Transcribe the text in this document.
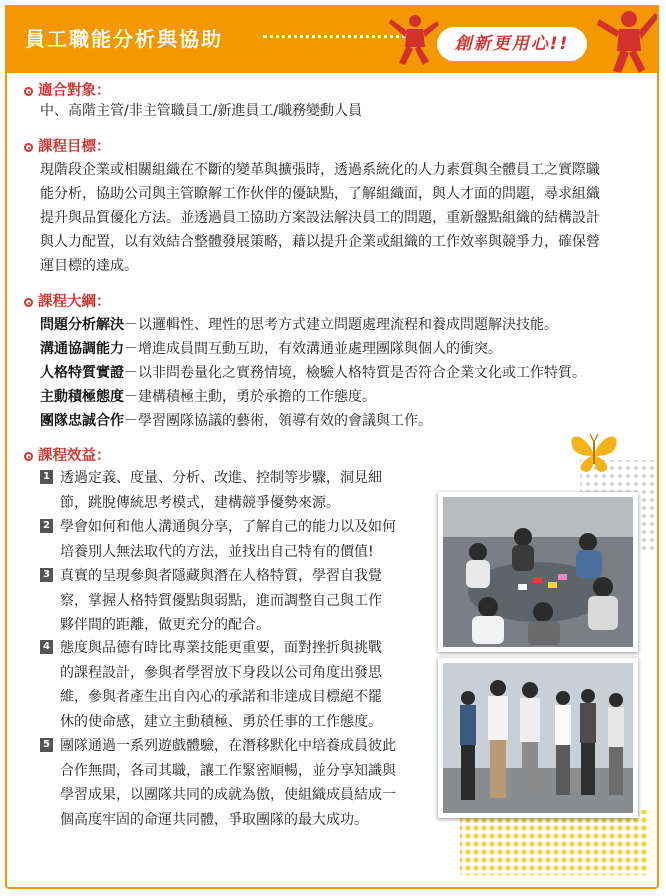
員工職能分析與協助	創新更用心!!
適合對象：
中、高階主管/非主管職員工/新進員工/職務變動人員
課程目標：
現階段企業或相關組織在不斷的變革與擴張時，透過系統化的人力素質與全體員工之實際職
能分析，協助公司與主管瞭解工作伙伴的優缺點，了解組織面，與人才面的問題，尋求組織
提升與品質優化方法。並透過員工協助方案設法解決員工的問題，重新盤點組織的結構設計
與人力配置，以有效結合整體發展策略，藉以提升企業或組織的工作效率與競爭力，確保營
運目標的達成。
課程大綱：
問題分析解決－以邏輯性、理性的思考方式建立問題處理流程和養成問題解決技能。
溝通協調能力－增進成員間互動互助，有效溝通並處理團隊與個人的衝突。
人格特質實證－以非問卷量化之實務情境，檢驗人格特質是否符合企業文化或工作特質。
主動積極態度－建構積極主動，勇於承擔的工作態度。
團隊忠誠合作－學習團隊協議的藝術，領導有效的會議與工作。
課程效益：
1 透過定義、度量、分析、改進、控制等步驟，洞見細
節，跳脫傳統思考模式，建構競爭優勢來源。
2 學會如何和他人溝通與分享，了解自己的能力以及如何
培養別人無法取代的方法，並找出自己特有的價值!
3 真實的呈現參與者隱藏與潛在人格特質，學習自我覺
察，掌握人格特質優點與弱點，進而調整自己與工作
夥伴間的距離，做更充分的配合。
4 態度與品德有時比專業技能更重要，面對挫折與挑戰
的課程設計，參與者學習放下身段以公司角度出發思
維，參與者產生出自內心的承諾和非達成目標絕不罷
休的使命感，建立主動積極、勇於任事的工作態度。
5 團隊通過一系列遊戲體驗，在潛移默化中培養成員彼此
合作無間，各司其職，讓工作緊密順暢，並分享知識與
學習成果，以團隊共同的成就為傲，使組織成員結成一
個高度牢固的命運共同體，爭取團隊的最大成功。
